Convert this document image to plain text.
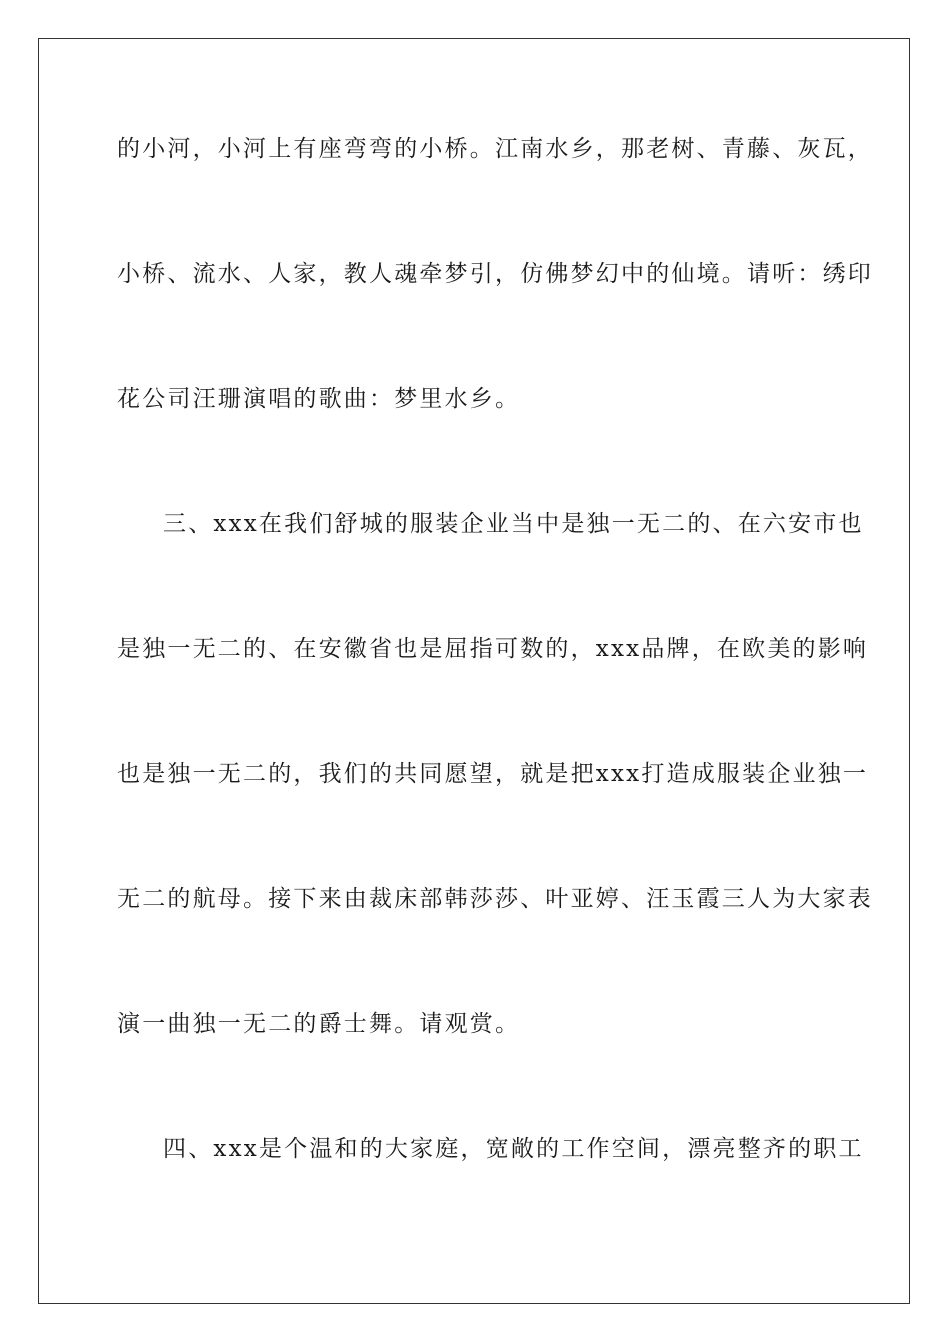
的小河，小河上有座弯弯的小桥。江南水乡，那老树、青藤、灰瓦，
小桥、流水、人家，教人魂牵梦引，仿佛梦幻中的仙境。请听：绣印
花公司汪珊演唱的歌曲：梦里水乡。
三、xxx在我们舒城的服装企业当中是独一无二的、在六安市也
是独一无二的、在安徽省也是屈指可数的，xxx品牌，在欧美的影响
也是独一无二的，我们的共同愿望，就是把xxx打造成服装企业独一
无二的航母。接下来由裁床部韩莎莎、叶亚婷、汪玉霞三人为大家表
演一曲独一无二的爵士舞。请观赏。
四、xxx是个温和的大家庭，宽敞的工作空间，漂亮整齐的职工
